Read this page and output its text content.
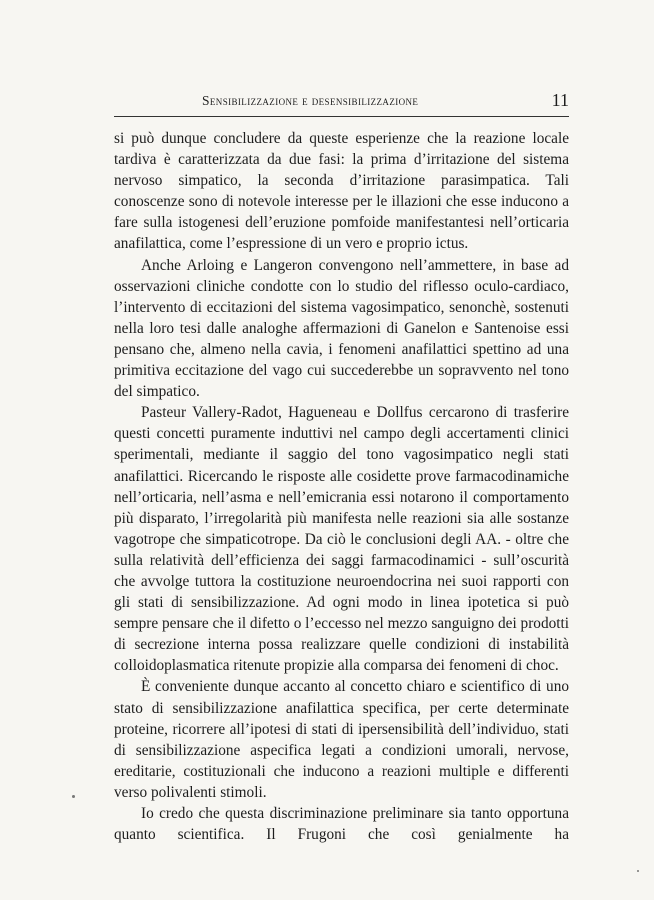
Sensibilizzazione e desensibilizzazione	11

si può dunque concludere da queste esperienze che la reazione locale tardiva è caratterizzata da due fasi: la prima d’irritazione del sistema nervoso simpatico, la seconda d’irritazione parasimpatica. Tali conoscenze sono di notevole interesse per le illazioni che esse inducono a fare sulla istogenesi dell’eruzione pomfoide manifestantesi nell’orticaria anafilattica, come l’espressione di un vero e proprio ictus.

Anche Arloing e Langeron convengono nell’ammettere, in base ad osservazioni cliniche condotte con lo studio del riflesso oculo-cardiaco, l’intervento di eccitazioni del sistema vagosimpatico, senonchè, sostenuti nella loro tesi dalle analoghe affermazioni di Ganelon e Santenoise essi pensano che, almeno nella cavia, i fenomeni anafilattici spettino ad una primitiva eccitazione del vago cui succederebbe un sopravvento nel tono del simpatico.

Pasteur Vallery-Radot, Hagueneau e Dollfus cercarono di trasferire questi concetti puramente induttivi nel campo degli accertamenti clinici sperimentali, mediante il saggio del tono vagosimpatico negli stati anafilattici. Ricercando le risposte alle cosidette prove farmacodinamiche nell’orticaria, nell’asma e nell’emicrania essi notarono il comportamento più disparato, l’irregolarità più manifesta nelle reazioni sia alle sostanze vagotrope che simpaticotrope. Da ciò le conclusioni degli AA. - oltre che sulla relatività dell’efficienza dei saggi farmacodinamici - sull’oscurità che avvolge tuttora la costituzione neuroendocrina nei suoi rapporti con gli stati di sensibilizzazione. Ad ogni modo in linea ipotetica si può sempre pensare che il difetto o l’eccesso nel mezzo sanguigno dei prodotti di secrezione interna possa realizzare quelle condizioni di instabilità colloidoplasmatica ritenute propizie alla comparsa dei fenomeni di choc.

È conveniente dunque accanto al concetto chiaro e scientifico di uno stato di sensibilizzazione anafilattica specifica, per certe determinate proteine, ricorrere all’ipotesi di stati di ipersensibilità dell’individuo, stati di sensibilizzazione aspecifica legati a condizioni umorali, nervose, ereditarie, costituzionali che inducono a reazioni multiple e differenti verso polivalenti stimoli.

Io credo che questa discriminazione preliminare sia tanto opportuna quanto scientifica. Il Frugoni che così genialmente ha
